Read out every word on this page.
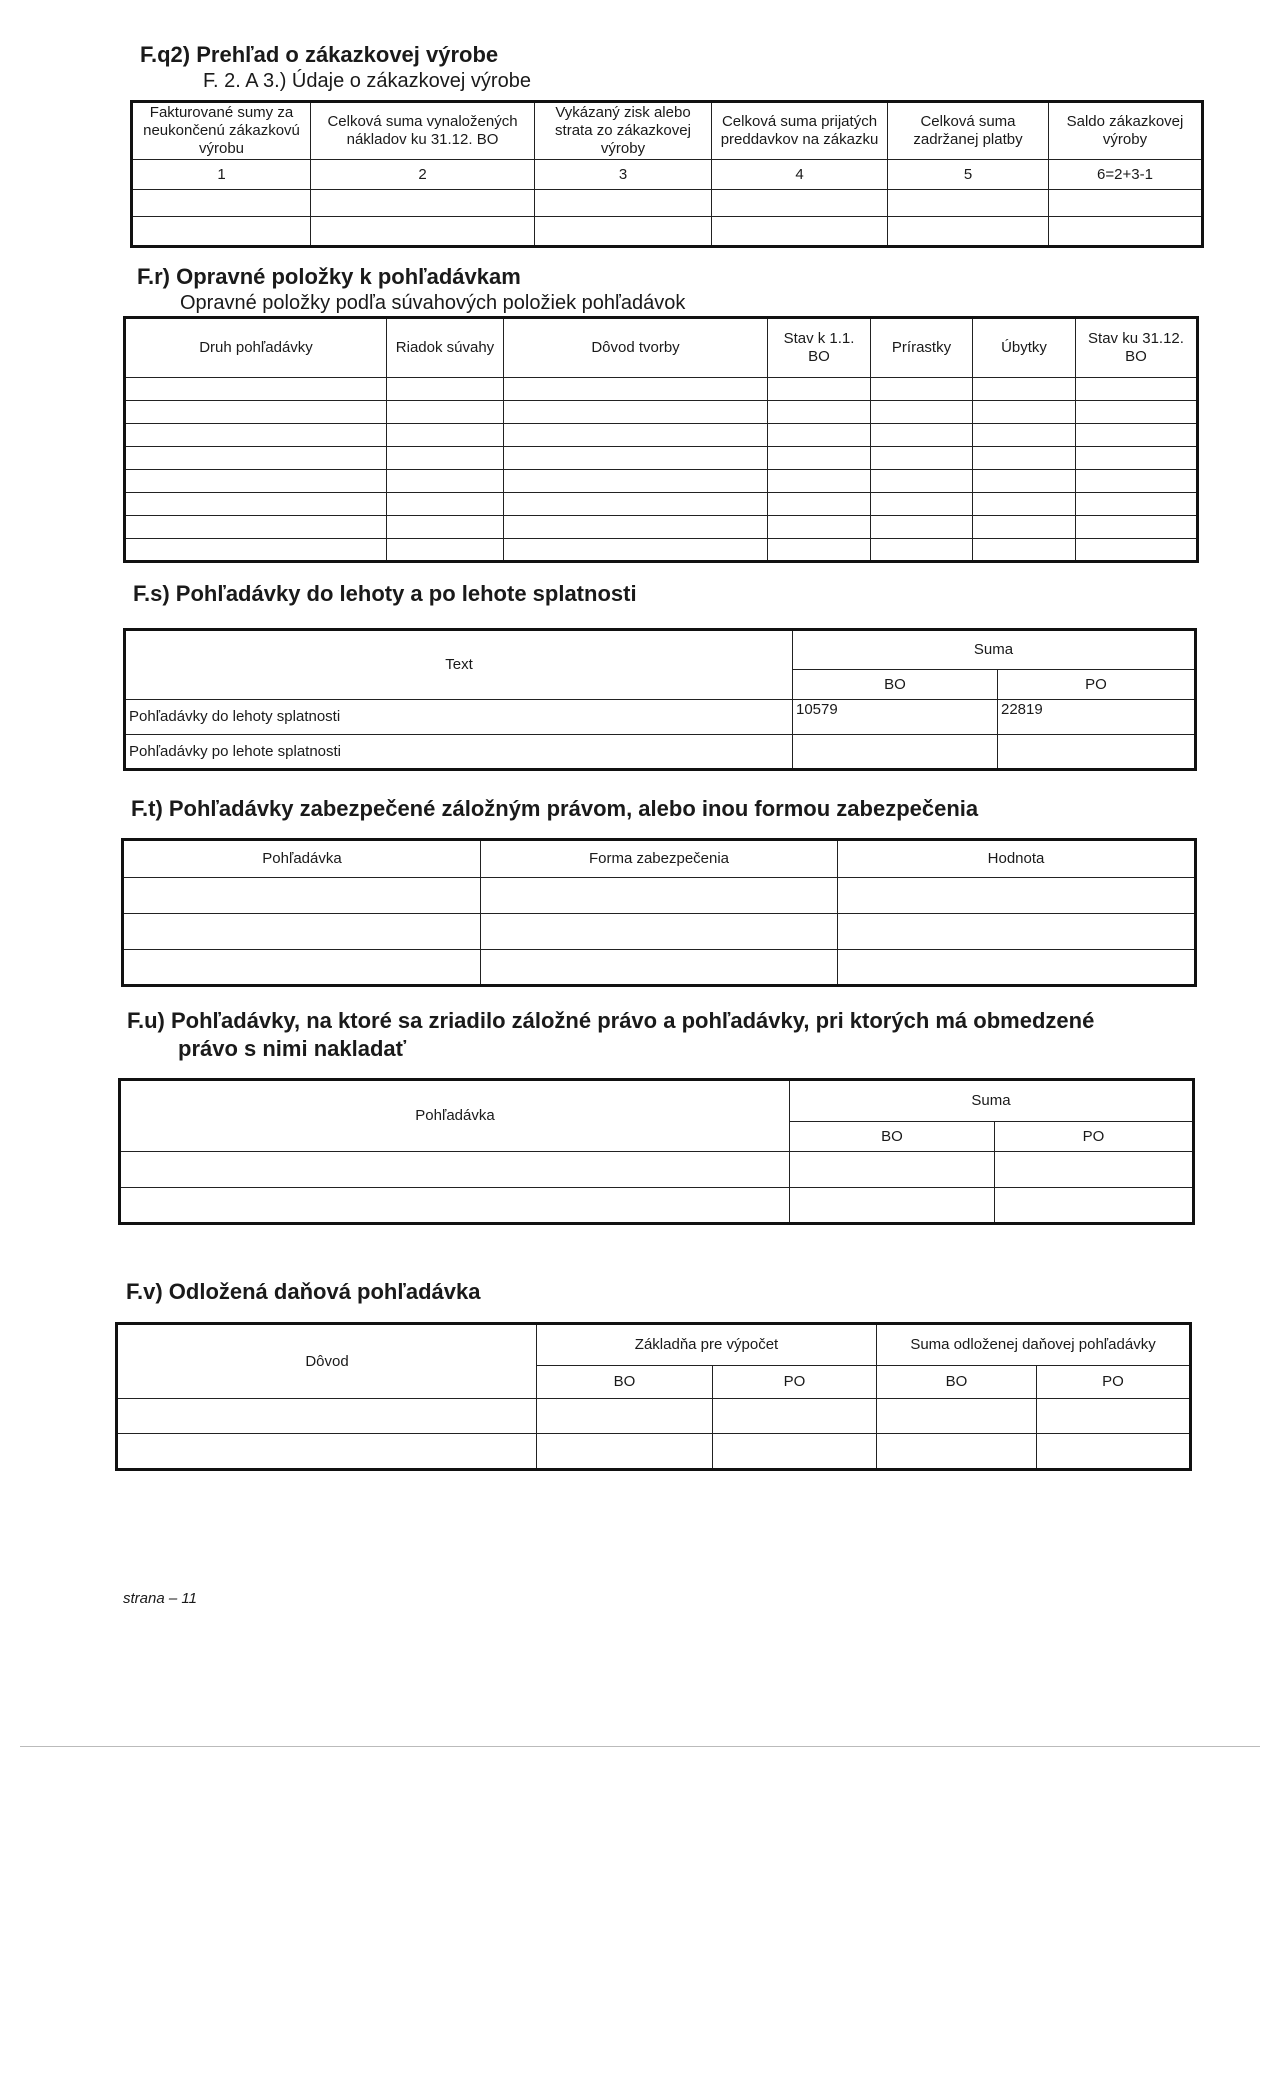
F.q2) Prehľad o zákazkovej výrobe

F. 2. A 3.) Údaje o zákazkovej výrobe

Fakturované sumy za neukončenú zákazkovú výrobu	Celková suma vynaložených nákladov ku 31.12. BO	Vykázaný zisk alebo strata zo zákazkovej výroby	Celková suma prijatých preddavkov na zákazku	Celková suma zadržanej platby	Saldo zákazkovej výroby
1	2	3	4	5	6=2+3-1

F.r) Opravné položky k pohľadávkam

Opravné položky podľa súvahových položiek pohľadávok

Druh pohľadávky	Riadok súvahy	Dôvod tvorby	Stav k 1.1. BO	Prírastky	Úbytky	Stav ku 31.12. BO

F.s) Pohľadávky do lehoty a po lehote splatnosti
Text	Suma	
	BO	PO
Pohľadávky do lehoty splatnosti	10579	22819
Pohľadávky po lehote splatnosti		
F.t) Pohľadávky zabezpečené záložným právom, alebo inou formou zabezpečenia
Pohľadávka	Forma zabezpečenia	Hodnota

F.u) Pohľadávky, na ktoré sa zriadilo záložné právo a pohľadávky, pri ktorých má obmedzené
právo s nimi nakladať
Pohľadávka	Suma	
	BO	PO

F.v) Odložená daňová pohľadávka
Dôvod	Základňa pre výpočet		Suma odloženej daňovej pohľadávky	
	BO	PO	BO	PO

strana – 11
